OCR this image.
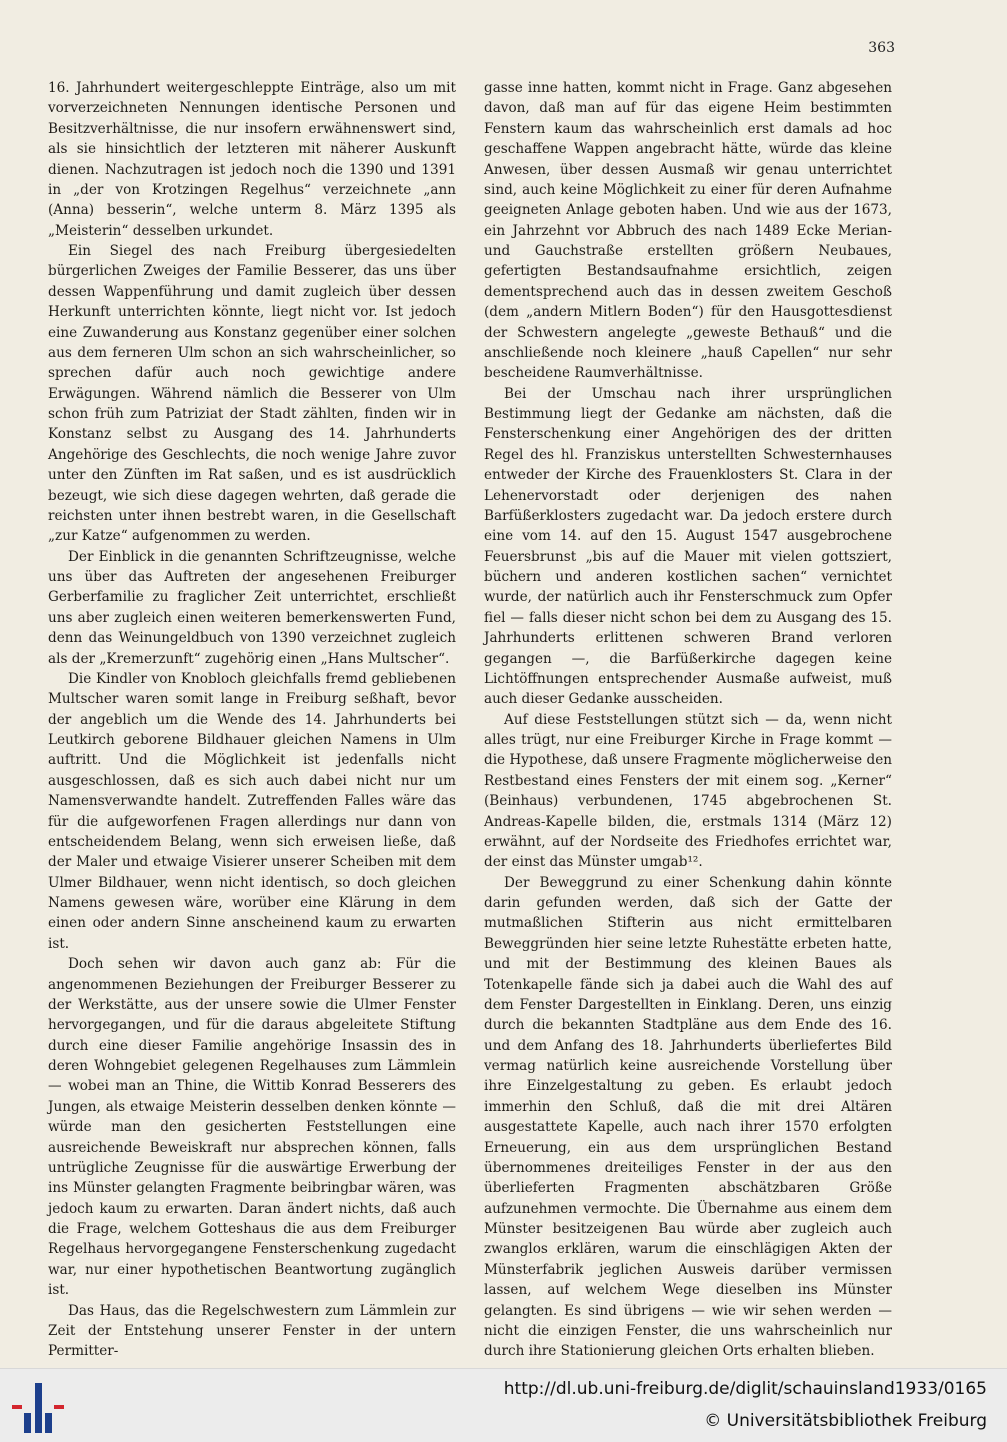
363

16. Jahrhundert weitergeschleppte Einträge, also um mit vorverzeichneten Nennungen identische Personen und Besitzverhältnisse, die nur insofern erwähnenswert sind, als sie hinsichtlich der letzteren mit näherer Auskunft dienen. Nachzutragen ist jedoch noch die 1390 und 1391 in „der von Krotzingen Regelhus“ verzeichnete „ann (Anna) besserin“, welche unterm 8. März 1395 als „Meisterin“ desselben urkundet.

Ein Siegel des nach Freiburg übergesiedelten bürgerlichen Zweiges der Familie Besserer, das uns über dessen Wappenführung und damit zugleich über dessen Herkunft unterrichten könnte, liegt nicht vor. Ist jedoch eine Zuwanderung aus Konstanz gegenüber einer solchen aus dem ferneren Ulm schon an sich wahrscheinlicher, so sprechen dafür auch noch gewichtige andere Erwägungen. Während nämlich die Besserer von Ulm schon früh zum Patriziat der Stadt zählten, finden wir in Konstanz selbst zu Ausgang des 14. Jahrhunderts Angehörige des Geschlechts, die noch wenige Jahre zuvor unter den Zünften im Rat saßen, und es ist ausdrücklich bezeugt, wie sich diese dagegen wehrten, daß gerade die reichsten unter ihnen bestrebt waren, in die Gesellschaft „zur Katze“ aufgenommen zu werden.

Der Einblick in die genannten Schriftzeugnisse, welche uns über das Auftreten der angesehenen Freiburger Gerberfamilie zu fraglicher Zeit unterrichtet, erschließt uns aber zugleich einen weiteren bemerkenswerten Fund, denn das Weinungeldbuch von 1390 verzeichnet zugleich als der „Kremerzunft“ zugehörig einen „Hans Multscher“.

Die Kindler von Knobloch gleichfalls fremd gebliebenen Multscher waren somit lange in Freiburg seßhaft, bevor der angeblich um die Wende des 14. Jahrhunderts bei Leutkirch geborene Bildhauer gleichen Namens in Ulm auftritt. Und die Möglichkeit ist jedenfalls nicht ausgeschlossen, daß es sich auch dabei nicht nur um Namensverwandte handelt. Zutreffenden Falles wäre das für die aufgeworfenen Fragen allerdings nur dann von entscheidendem Belang, wenn sich erweisen ließe, daß der Maler und etwaige Visierer unserer Scheiben mit dem Ulmer Bildhauer, wenn nicht identisch, so doch gleichen Namens gewesen wäre, worüber eine Klärung in dem einen oder andern Sinne anscheinend kaum zu erwarten ist.

Doch sehen wir davon auch ganz ab: Für die angenommenen Beziehungen der Freiburger Besserer zu der Werkstätte, aus der unsere sowie die Ulmer Fenster hervorgegangen, und für die daraus abgeleitete Stiftung durch eine dieser Familie angehörige Insassin des in deren Wohngebiet gelegenen Regelhauses zum Lämmlein — wobei man an Thine, die Wittib Konrad Besserers des Jungen, als etwaige Meisterin desselben denken könnte — würde man den gesicherten Feststellungen eine ausreichende Beweiskraft nur absprechen können, falls untrügliche Zeugnisse für die auswärtige Erwerbung der ins Münster gelangten Fragmente beibringbar wären, was jedoch kaum zu erwarten. Daran ändert nichts, daß auch die Frage, welchem Gotteshaus die aus dem Freiburger Regelhaus hervorgegangene Fensterschenkung zugedacht war, nur einer hypothetischen Beantwortung zugänglich ist.

Das Haus, das die Regelschwestern zum Lämmlein zur Zeit der Entstehung unserer Fenster in der untern Permitter-

gasse inne hatten, kommt nicht in Frage. Ganz abgesehen davon, daß man auf für das eigene Heim bestimmten Fenstern kaum das wahrscheinlich erst damals ad hoc geschaffene Wappen angebracht hätte, würde das kleine Anwesen, über dessen Ausmaß wir genau unterrichtet sind, auch keine Möglichkeit zu einer für deren Aufnahme geeigneten Anlage geboten haben. Und wie aus der 1673, ein Jahrzehnt vor Abbruch des nach 1489 Ecke Merian- und Gauchstraße erstellten größern Neubaues, gefertigten Bestandsaufnahme ersichtlich, zeigen dementsprechend auch das in dessen zweitem Geschoß (dem „andern Mitlern Boden“) für den Hausgottesdienst der Schwestern angelegte „geweste Bethauß“ und die anschließende noch kleinere „hauß Capellen“ nur sehr bescheidene Raumverhältnisse.

Bei der Umschau nach ihrer ursprünglichen Bestimmung liegt der Gedanke am nächsten, daß die Fensterschenkung einer Angehörigen des der dritten Regel des hl. Franziskus unterstellten Schwesternhauses entweder der Kirche des Frauenklosters St. Clara in der Lehenervorstadt oder derjenigen des nahen Barfüßerklosters zugedacht war. Da jedoch erstere durch eine vom 14. auf den 15. August 1547 ausgebrochene Feuersbrunst „bis auf die Mauer mit vielen gottsziert, büchern und anderen kostlichen sachen“ vernichtet wurde, der natürlich auch ihr Fensterschmuck zum Opfer fiel — falls dieser nicht schon bei dem zu Ausgang des 15. Jahrhunderts erlittenen schweren Brand verloren gegangen —, die Barfüßerkirche dagegen keine Lichtöffnungen entsprechender Ausmaße aufweist, muß auch dieser Gedanke ausscheiden.

Auf diese Feststellungen stützt sich — da, wenn nicht alles trügt, nur eine Freiburger Kirche in Frage kommt — die Hypothese, daß unsere Fragmente möglicherweise den Restbestand eines Fensters der mit einem sog. „Kerner“ (Beinhaus) verbundenen, 1745 abgebrochenen St. Andreas-Kapelle bilden, die, erstmals 1314 (März 12) erwähnt, auf der Nordseite des Friedhofes errichtet war, der einst das Münster umgab¹².

Der Beweggrund zu einer Schenkung dahin könnte darin gefunden werden, daß sich der Gatte der mutmaßlichen Stifterin aus nicht ermittelbaren Beweggründen hier seine letzte Ruhestätte erbeten hatte, und mit der Bestimmung des kleinen Baues als Totenkapelle fände sich ja dabei auch die Wahl des auf dem Fenster Dargestellten in Einklang. Deren, uns einzig durch die bekannten Stadtpläne aus dem Ende des 16. und dem Anfang des 18. Jahrhunderts überliefertes Bild vermag natürlich keine ausreichende Vorstellung über ihre Einzelgestaltung zu geben. Es erlaubt jedoch immerhin den Schluß, daß die mit drei Altären ausgestattete Kapelle, auch nach ihrer 1570 erfolgten Erneuerung, ein aus dem ursprünglichen Bestand übernommenes dreiteiliges Fenster in der aus den überlieferten Fragmenten abschätzbaren Größe aufzunehmen vermochte. Die Übernahme aus einem dem Münster besitzeigenen Bau würde aber zugleich auch zwanglos erklären, warum die einschlägigen Akten der Münsterfabrik jeglichen Ausweis darüber vermissen lassen, auf welchem Wege dieselben ins Münster gelangten. Es sind übrigens — wie wir sehen werden — nicht die einzigen Fenster, die uns wahrscheinlich nur durch ihre Stationierung gleichen Orts erhalten blieben.

http://dl.ub.uni-freiburg.de/diglit/schauinsland1933/0165
© Universitätsbibliothek Freiburg
